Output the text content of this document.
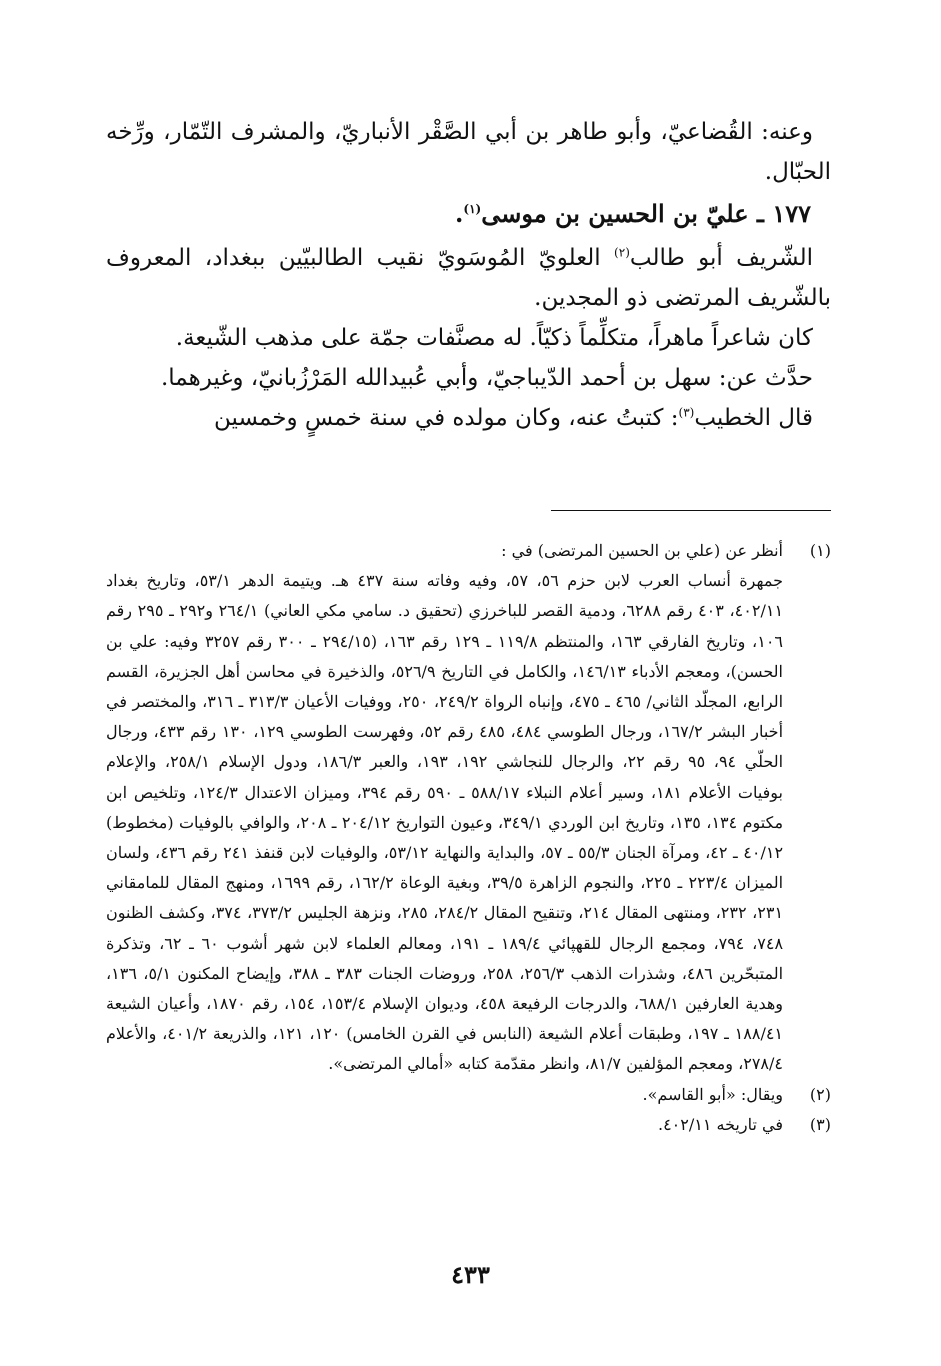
وعنه: القُضاعيّ، وأبو طاهر بن أبي الصَّقْر الأنباريّ، والمشرف التّمّار، ورِّخه الحبّال.

١٧٧ ـ عليّ بن الحسين بن موسى$^{(١)}$.

الشّريف أبو طالب$^{(٢)}$ العلويّ المُوسَويّ نقيب الطالبيّين ببغداد، المعروف بالشّريف المرتضى ذو المجدين.

كان شاعراً ماهراً، متكلِّماً ذكيّاً. له مصنَّفات جمّة على مذهب الشّيعة.

حدَّث عن: سهل بن أحمد الدّيباجيّ، وأبي عُبيدالله المَرْزُبانيّ، وغيرهما.

قال الخطيب$^{(٣)}$: كتبتُ عنه، وكان مولده في سنة خمسٍ وخمسين

(١)

أنظر عن (علي بن الحسين المرتضى) في :

جمهرة أنساب العرب لابن حزم ٥٦، ٥٧، وفيه وفاته سنة ٤٣٧ هـ. ويتيمة الدهر ٥٣/١، وتاريخ بغداد ٤٠٢/١١، ٤٠٣ رقم ٦٢٨٨، ودمية القصر للباخرزي (تحقيق د. سامي مكي العاني) ٢٦٤/١ و٢٩٢ ـ ٢٩٥ رقم ١٠٦، وتاريخ الفارقي ١٦٣، والمنتظم ١١٩/٨ ـ ١٢٩ رقم ١٦٣، (٢٩٤/١٥ ـ ٣٠٠ رقم ٣٢٥٧ وفيه: علي بن الحسن)، ومعجم الأدباء ١٤٦/١٣، والكامل في التاريخ ٥٢٦/٩، والذخيرة في محاسن أهل الجزيرة، القسم الرابع، المجلّد الثاني/ ٤٦٥ ـ ٤٧٥، وإنباه الرواة ٢٤٩/٢، ٢٥٠، ووفيات الأعيان ٣١٣/٣ ـ ٣١٦، والمختصر في أخبار البشر ١٦٧/٢، ورجال الطوسي ٤٨٤، ٤٨٥ رقم ٥٢، وفهرست الطوسي ١٢٩، ١٣٠ رقم ٤٣٣، ورجال الحلّي ٩٤، ٩٥ رقم ٢٢، والرجال للنجاشي ١٩٢، ١٩٣، والعبر ١٨٦/٣، ودول الإسلام ٢٥٨/١، والإعلام بوفيات الأعلام ١٨١، وسير أعلام النبلاء ٥٨٨/١٧ ـ ٥٩٠ رقم ٣٩٤، وميزان الاعتدال ١٢٤/٣، وتلخيص ابن مكتوم ١٣٤، ١٣٥، وتاريخ ابن الوردي ٣٤٩/١، وعيون التواريخ ٢٠٤/١٢ ـ ٢٠٨، والوافي بالوفيات (مخطوط) ٤٠/١٢ ـ ٤٢، ومرآة الجنان ٥٥/٣ ـ ٥٧، والبداية والنهاية ٥٣/١٢، والوفيات لابن قنفذ ٢٤١ رقم ٤٣٦، ولسان الميزان ٢٢٣/٤ ـ ٢٢٥، والنجوم الزاهرة ٣٩/٥، وبغية الوعاة ١٦٢/٢، رقم ١٦٩٩، ومنهج المقال للمامقاني ٢٣١، ٢٣٢، ومنتهى المقال ٢١٤، وتنقيح المقال ٢٨٤/٢، ٢٨٥، ونزهة الجليس ٣٧٣/٢، ٣٧٤، وكشف الظنون ٧٤٨، ٧٩٤، ومجمع الرجال للقهپائي ١٨٩/٤ ـ ١٩١، ومعالم العلماء لابن شهر أشوب ٦٠ ـ ٦٢، وتذكرة المتبحّرين ٤٨٦، وشذرات الذهب ٢٥٦/٣، ٢٥٨، وروضات الجنات ٣٨٣ ـ ٣٨٨، وإيضاح المكنون ٥/١، ١٣٦، وهدية العارفين ٦٨٨/١، والدرجات الرفيعة ٤٥٨، وديوان الإسلام ١٥٣/٤، ١٥٤، رقم ١٨٧٠، وأعيان الشيعة ١٨٨/٤١ ـ ١٩٧، وطبقات أعلام الشيعة (النابس في القرن الخامس) ١٢٠، ١٢١، والذريعة ٤٠١/٢، والأعلام ٢٧٨/٤، ومعجم المؤلفين ٨١/٧، وانظر مقدّمة كتابه «أمالي المرتضى».

(٢)

ويقال: «أبو القاسم».

(٣)

في تاريخه ٤٠٢/١١.

٤٣٣
